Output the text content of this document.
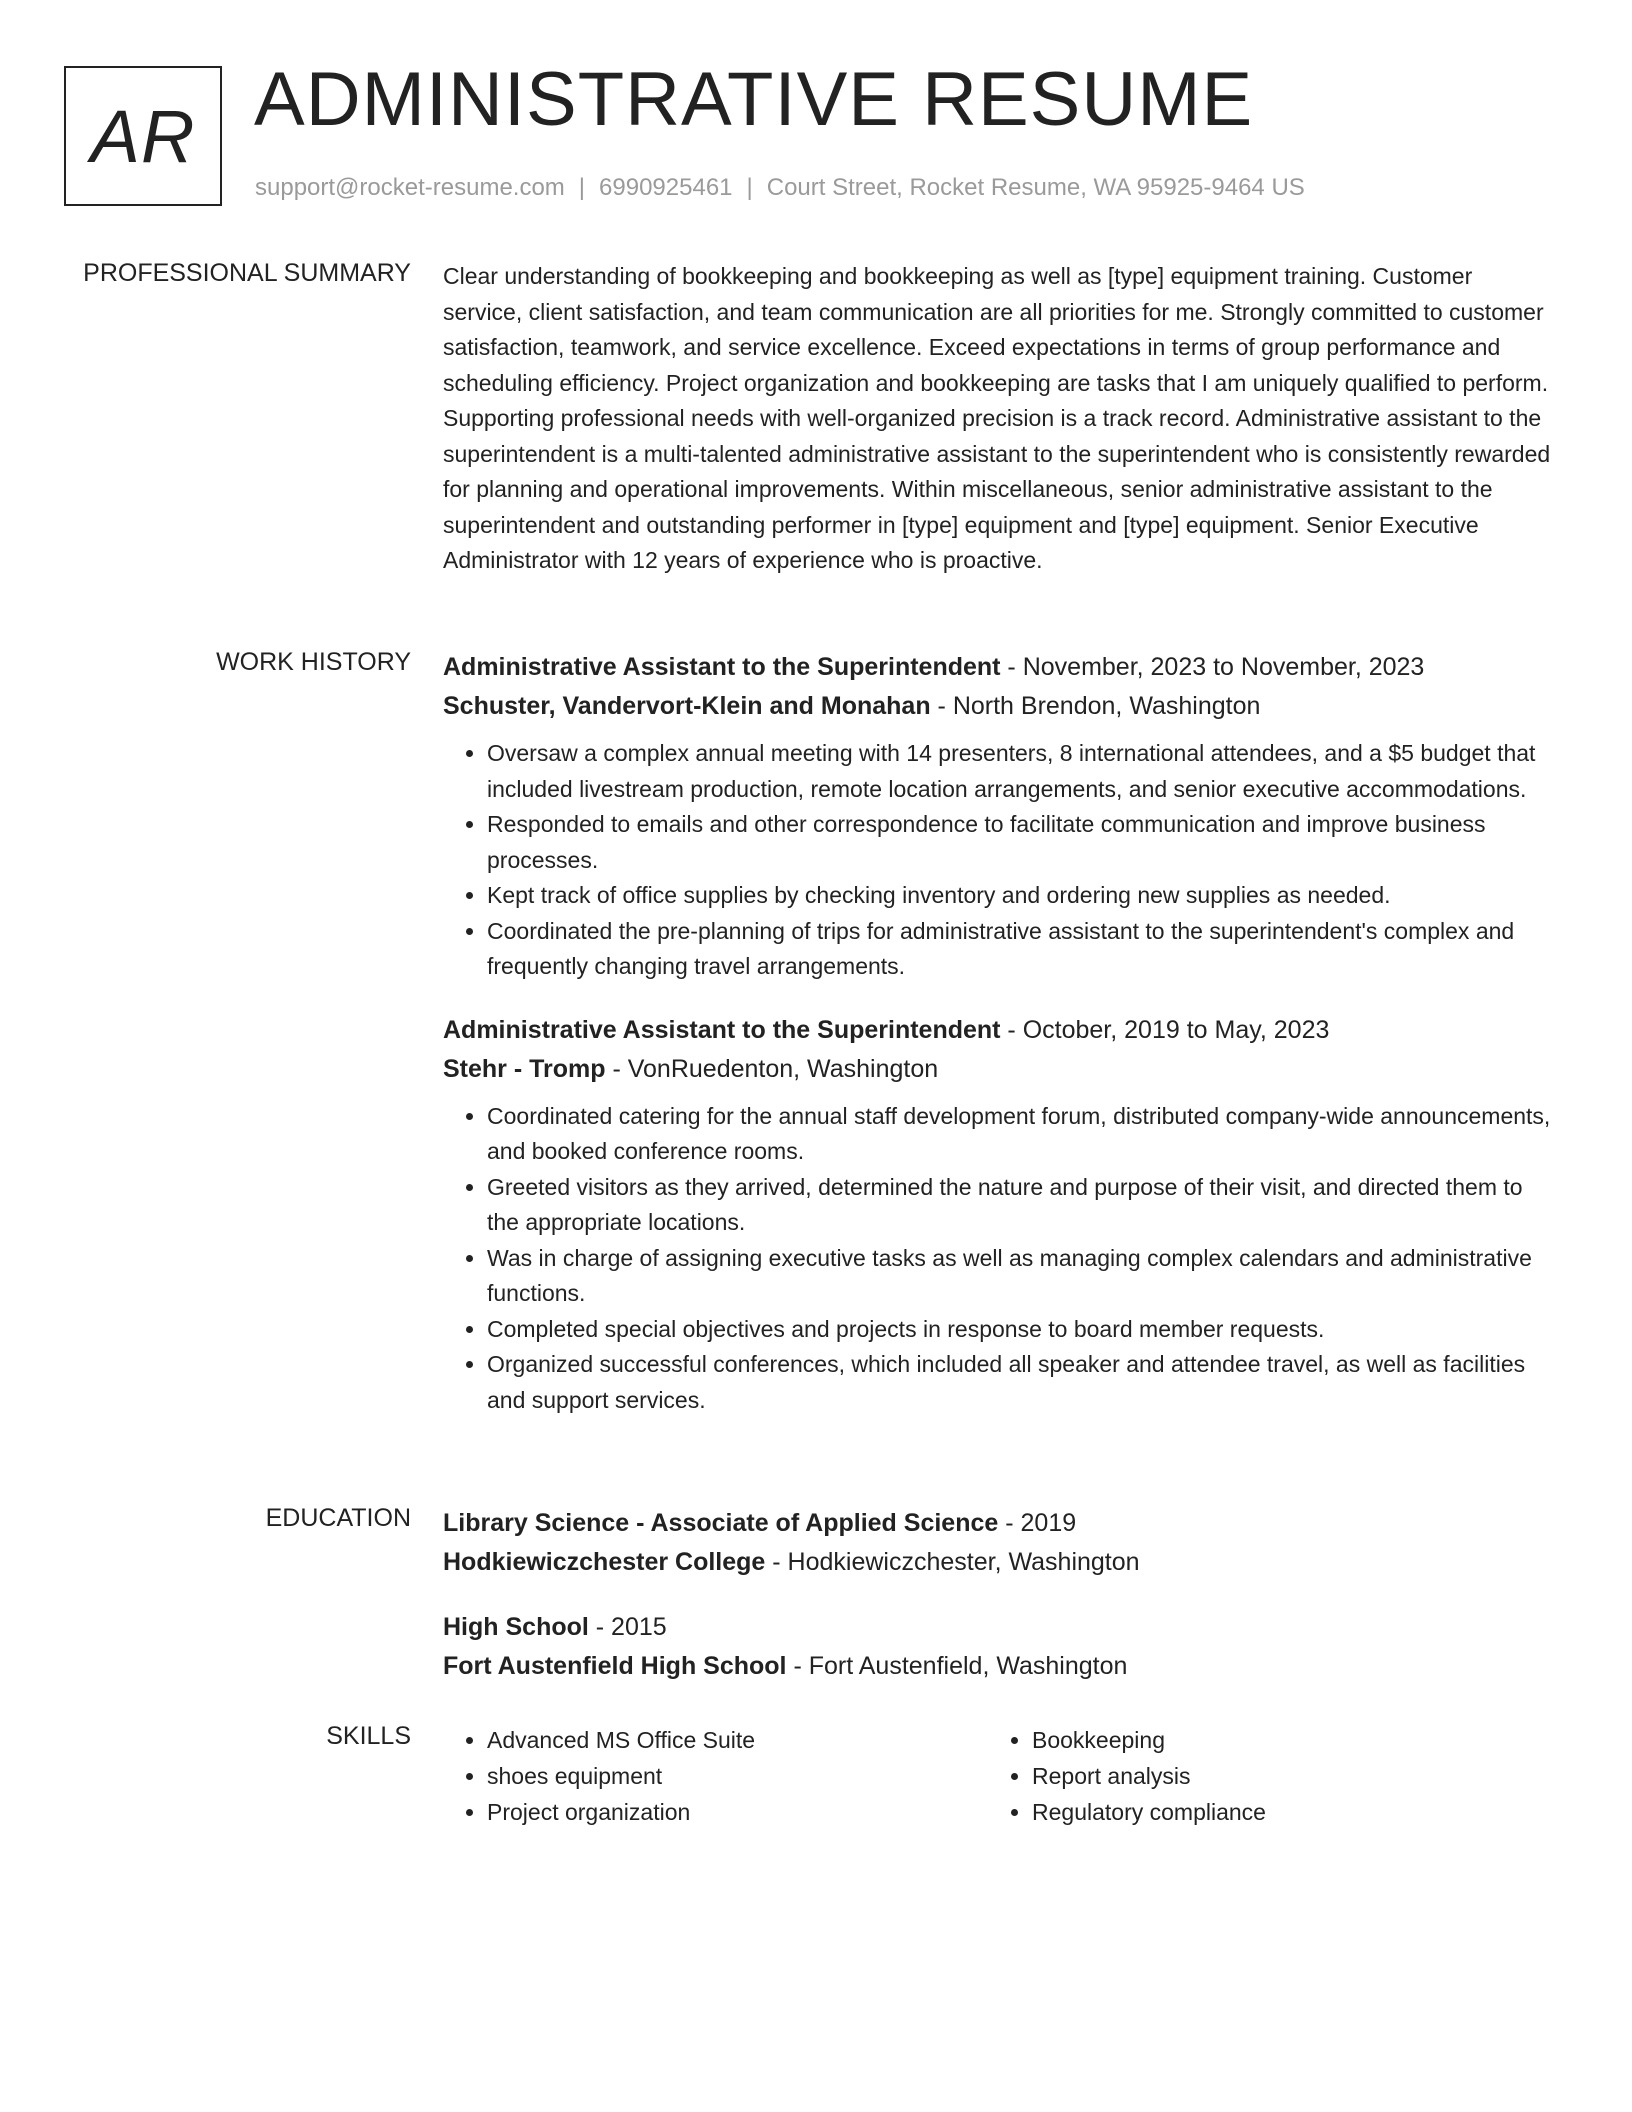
AR ADMINISTRATIVE RESUME
support@rocket-resume.com | 6990925461 | Court Street, Rocket Resume, WA 95925-9464 US
PROFESSIONAL SUMMARY Clear understanding of bookkeeping and bookkeeping as well as [type] equipment training. Customer service, client satisfaction, and team communication are all priorities for me. Strongly committed to customer satisfaction, teamwork, and service excellence. Exceed expectations in terms of group performance and scheduling efficiency. Project organization and bookkeeping are tasks that I am uniquely qualified to perform. Supporting professional needs with well-organized precision is a track record. Administrative assistant to the superintendent is a multi-talented administrative assistant to the superintendent who is consistently rewarded for planning and operational improvements. Within miscellaneous, senior administrative assistant to the superintendent and outstanding performer in [type] equipment and [type] equipment. Senior Executive Administrator with 12 years of experience who is proactive.

WORK HISTORY Administrative Assistant to the Superintendent - November, 2023 to November, 2023

Schuster, Vandervort-Klein and Monahan - North Brendon, Washington

• Oversaw a complex annual meeting with 14 presenters, 8 international attendees, and a $5 budget that included livestream production, remote location arrangements, and senior executive accommodations.
• Responded to emails and other correspondence to facilitate communication and improve business processes.
• Kept track of office supplies by checking inventory and ordering new supplies as needed.
• Coordinated the pre-planning of trips for administrative assistant to the superintendent's complex and frequently changing travel arrangements.

Administrative Assistant to the Superintendent - October, 2019 to May, 2023

Stehr - Tromp - VonRuedenton, Washington

• Coordinated catering for the annual staff development forum, distributed company-wide announcements, and booked conference rooms.
• Greeted visitors as they arrived, determined the nature and purpose of their visit, and directed them to the appropriate locations.
• Was in charge of assigning executive tasks as well as managing complex calendars and administrative functions.
• Completed special objectives and projects in response to board member requests.
• Organized successful conferences, which included all speaker and attendee travel, as well as facilities and support services.
EDUCATION Library Science - Associate of Applied Science - 2019

Hodkiewiczchester College - Hodkiewiczchester, Washington

High School - 2015

Fort Austenfield High School - Fort Austenfield, Washington

SKILLS
•	Advanced MS Office Suite
• shoes equipment
• Project organization
• Bookkeeping
• Report analysis
• Regulatory compliance
